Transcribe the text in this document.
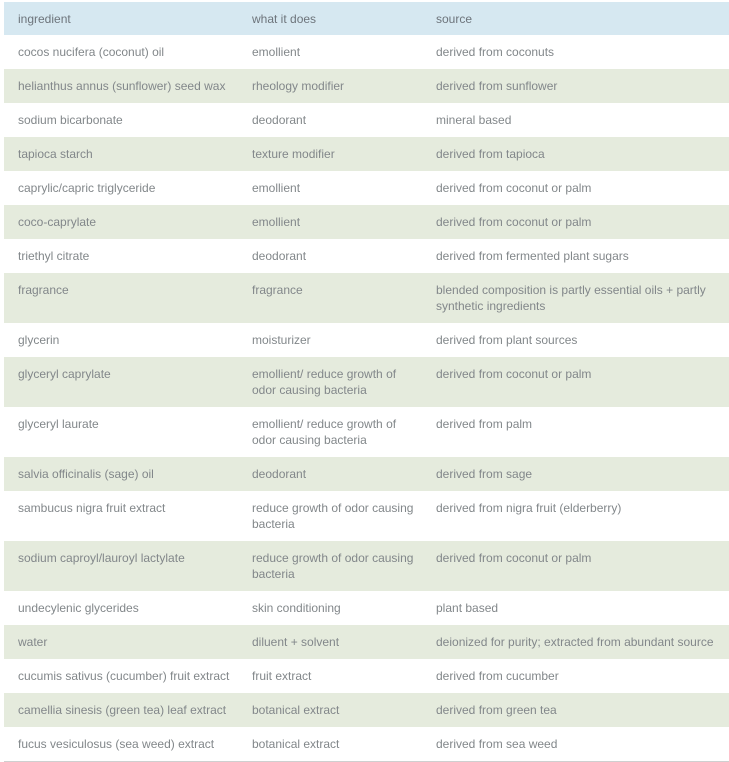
ingredient	what it does	source
cocos nucifera (coconut) oil	emollient	derived from coconuts
helianthus annus (sunflower) seed wax	rheology modifier	derived from sunflower
sodium bicarbonate	deodorant	mineral based
tapioca starch	texture modifier	derived from tapioca
caprylic/capric triglyceride	emollient	derived from coconut or palm
coco-caprylate	emollient	derived from coconut or palm
triethyl citrate	deodorant	derived from fermented plant sugars
fragrance	fragrance	blended composition is partly essential oils + partly synthetic ingredients
glycerin	moisturizer	derived from plant sources
glyceryl caprylate	emollient/ reduce growth of odor causing bacteria	derived from coconut or palm
glyceryl laurate	emollient/ reduce growth of odor causing bacteria	derived from palm
salvia officinalis (sage) oil	deodorant	derived from sage
sambucus nigra fruit extract	reduce growth of odor causing bacteria	derived from nigra fruit (elderberry)
sodium caproyl/lauroyl lactylate	reduce growth of odor causing bacteria	derived from coconut or palm
undecylenic glycerides	skin conditioning	plant based
water	diluent + solvent	deionized for purity; extracted from abundant source
cucumis sativus (cucumber) fruit extract	fruit extract	derived from cucumber
camellia sinesis (green tea) leaf extract	botanical extract	derived from green tea
fucus vesiculosus (sea weed) extract	botanical extract	derived from sea weed
